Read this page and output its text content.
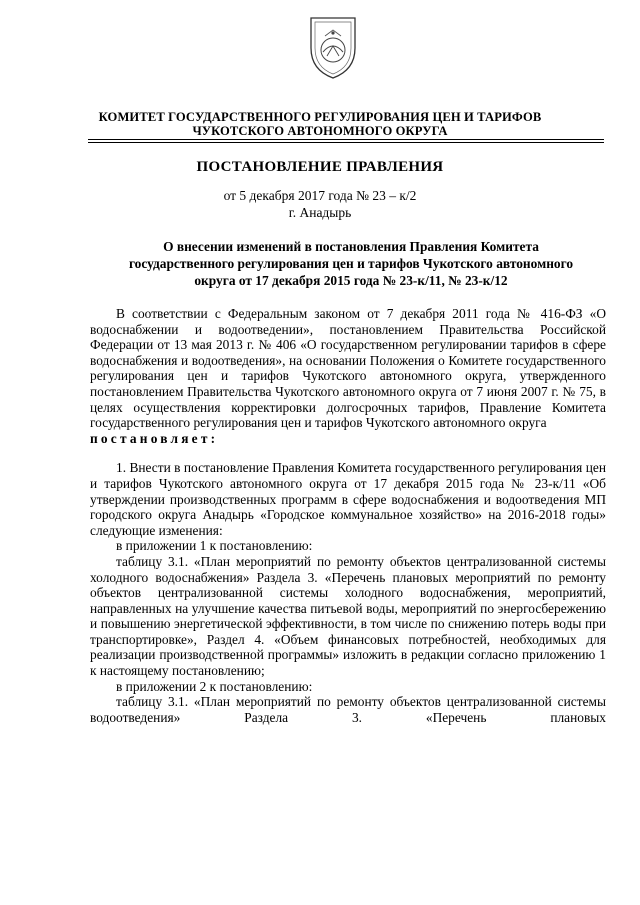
КОМИТЕТ ГОСУДАРСТВЕННОГО РЕГУЛИРОВАНИЯ ЦЕН И ТАРИФОВ
ЧУКОТСКОГО АВТОНОМНОГО ОКРУГА
ПОСТАНОВЛЕНИЕ ПРАВЛЕНИЯ
от 5 декабря 2017 года № 23 – к/2
г. Анадырь
О внесении изменений в постановления Правления Комитета
государственного регулирования цен и тарифов Чукотского автономного
округа от 17 декабря 2015 года № 23-к/11, № 23-к/12

В соответствии с Федеральным законом от 7 декабря 2011 года № 416-ФЗ «О водоснабжении и водоотведении», постановлением Правительства Российской Федерации от 13 мая 2013 г. № 406 «О государственном регулировании тарифов в сфере водоснабжения и водоотведения», на основании Положения о Комитете государственного регулирования цен и тарифов Чукотского автономного округа, утвержденного постановлением Правительства Чукотского автономного округа от 7 июня 2007 г. № 75, в целях осуществления корректировки долгосрочных тарифов, Правление Комитета государственного регулирования цен и тарифов Чукотского автономного округа

постановляет:

1. Внести в постановление Правления Комитета государственного регулирования цен и тарифов Чукотского автономного округа от 17 декабря 2015 года № 23-к/11 «Об утверждении производственных программ в сфере водоснабжения и водоотведения МП городского округа Анадырь «Городское коммунальное хозяйство» на 2016-2018 годы» следующие изменения:

в приложении 1 к постановлению:

таблицу 3.1. «План мероприятий по ремонту объектов централизованной системы холодного водоснабжения» Раздела 3. «Перечень плановых мероприятий по ремонту объектов централизованной системы холодного водоснабжения, мероприятий, направленных на улучшение качества питьевой воды, мероприятий по энергосбережению и повышению энергетической эффективности, в том числе по снижению потерь воды при транспортировке», Раздел 4. «Объем финансовых потребностей, необходимых для реализации производственной программы» изложить в редакции согласно приложению 1 к настоящему постановлению;

в приложении 2 к постановлению:

таблицу 3.1. «План мероприятий по ремонту объектов централизованной системы водоотведения» Раздела 3. «Перечень плановых
